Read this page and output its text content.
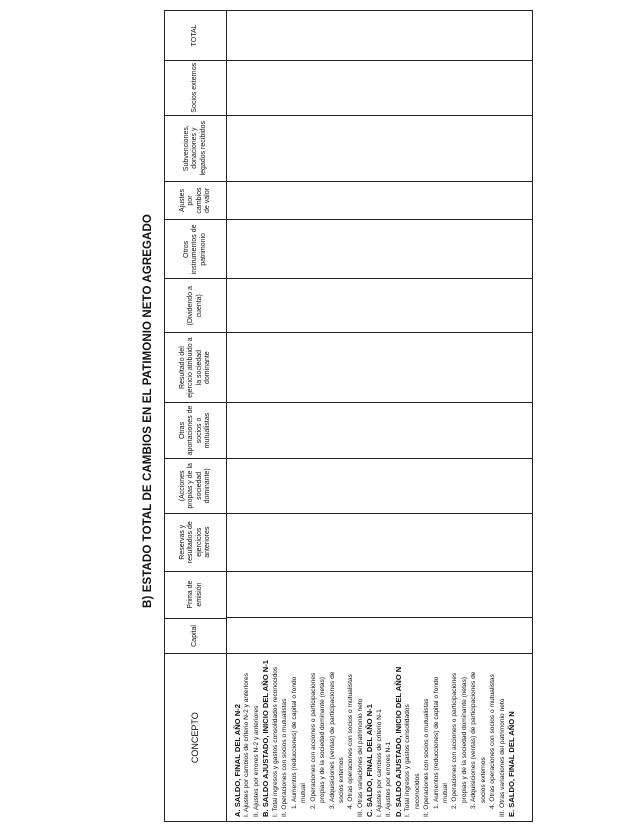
B) ESTADO TOTAL DE CAMBIOS EN EL PATIMONIO NETO AGREGADO
CONCEPTO
Capital
Prima de emisión
Reservas y resultados de ejercicios anteriores
(Acciones propias y de la sociedad dominante)
Otras aportaciones de socios o mutualistas
Resultado del ejercicio atribuido a la sociedad dominante
(Dividendo a cuenta)
Otros instrumentos de patrimonio
Ajustes por cambios de valor
Subvenciones, donaciones y legados recibidos
Socios externos
TOTAL
A. SALDO, FINAL DEL AÑO N-2 I. Ajustes por cambios de criterio N-2 y anteriores II. Ajustes por errores N-2 y anteriores B. SALDO AJUSTADO, INICIO DEL AÑO N-1 I. Total ingresos y gastos consolidados reconocidos II. Operaciones con socios o mutualistas 1. Aumentos (reducciones) de capital o fondo mutual 2. Operaciones con acciones o participaciones propias y de la sociedad dominante (netas) 3. Adquisiciones (ventas) de participaciones de socios externos 4. Otras operaciones con socios o mutualistas III. Otras variaciones del patrimonio neto C. SALDO, FINAL DEL AÑO N-1 I. Ajustes por cambios de criterio N-1 II. Ajustes por errores N-1 D. SALDO AJUSTADO, INICIO DEL AÑO N I. Total ingresos y gastos consolidados reconocidos II. Operaciones con socios o mutualistas 1. Aumentos (reducciones) de capital o fondo mutual 2. Operaciones con acciones o participaciones propias y de la sociedad dominante (netas) 3. Adquisiciones (ventas) de participaciones de socios externos 4. Otras operaciones con socios o mutualistas III. Otras variaciones del patrimonio neto E. SALDO, FINAL DEL AÑO N
